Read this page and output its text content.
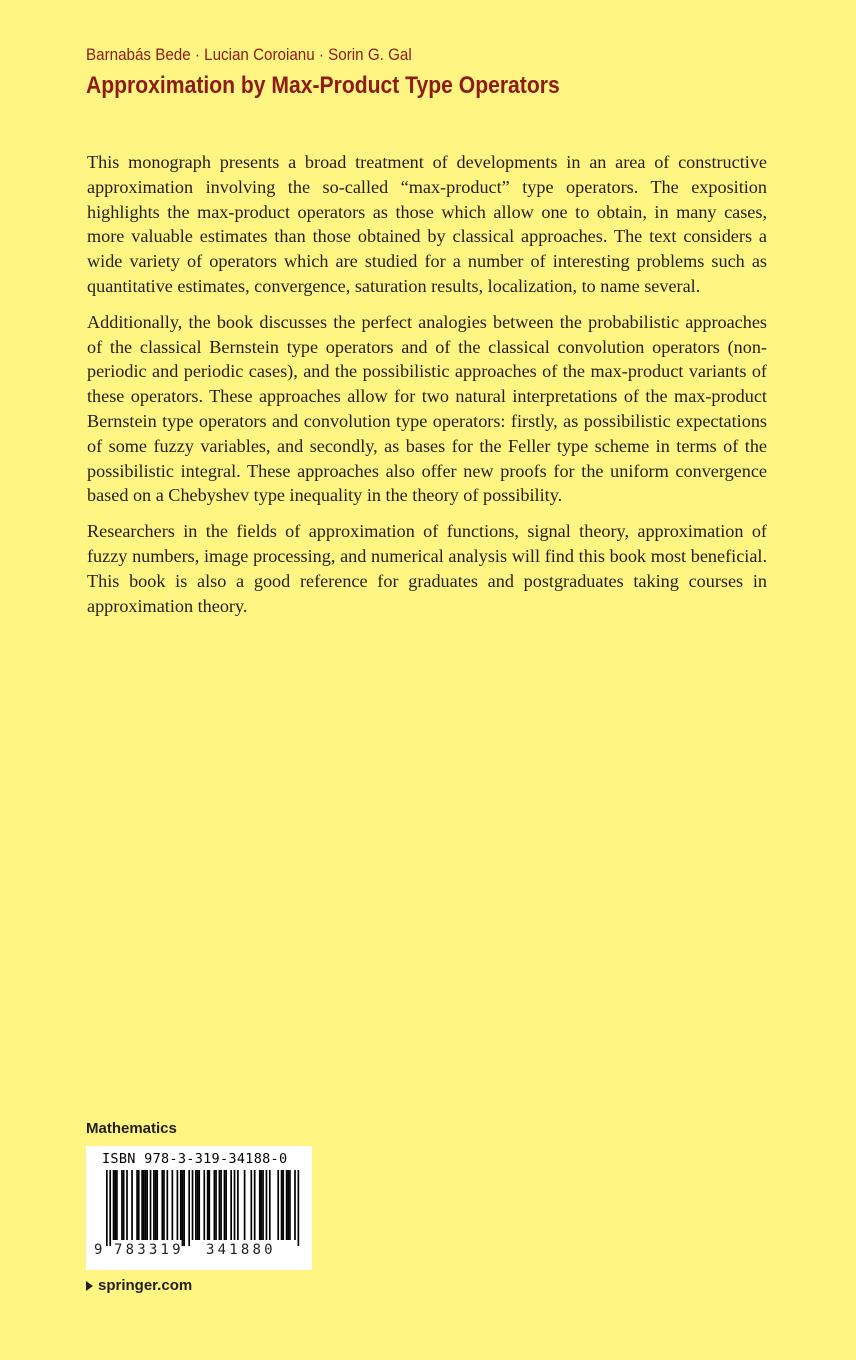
Barnabás Bede · Lucian Coroianu · Sorin G. Gal
Approximation by Max-Product Type Operators

This monograph presents a broad treatment of developments in an area of constructive approximation involving the so-called “max-product” type operators. The exposition highlights the max-product operators as those which allow one to obtain, in many cases, more valuable estimates than those obtained by classical approaches. The text considers a wide variety of operators which are studied for a number of interesting problems such as quantitative estimates, convergence, saturation results, localization, to name several.

Additionally, the book discusses the perfect analogies between the probabilistic approaches of the classical Bernstein type operators and of the classical convolution operators (non-periodic and periodic cases), and the possibilistic approaches of the max-product variants of these operators. These approaches allow for two natural interpretations of the max-product Bernstein type operators and convolution type operators: firstly, as possibilistic expectations of some fuzzy variables, and secondly, as bases for the Feller type scheme in terms of the possibilistic integral. These approaches also offer new proofs for the uniform convergence based on a Chebyshev type inequality in the theory of possibility.

Researchers in the fields of approximation of functions, signal theory, approximation of fuzzy numbers, image processing, and numerical analysis will find this book most beneficial. This book is also a good reference for graduates and postgraduates taking courses in approximation theory.

Mathematics
ISBN 978-3-319-34188-0
9 783319 341880
springer.com
